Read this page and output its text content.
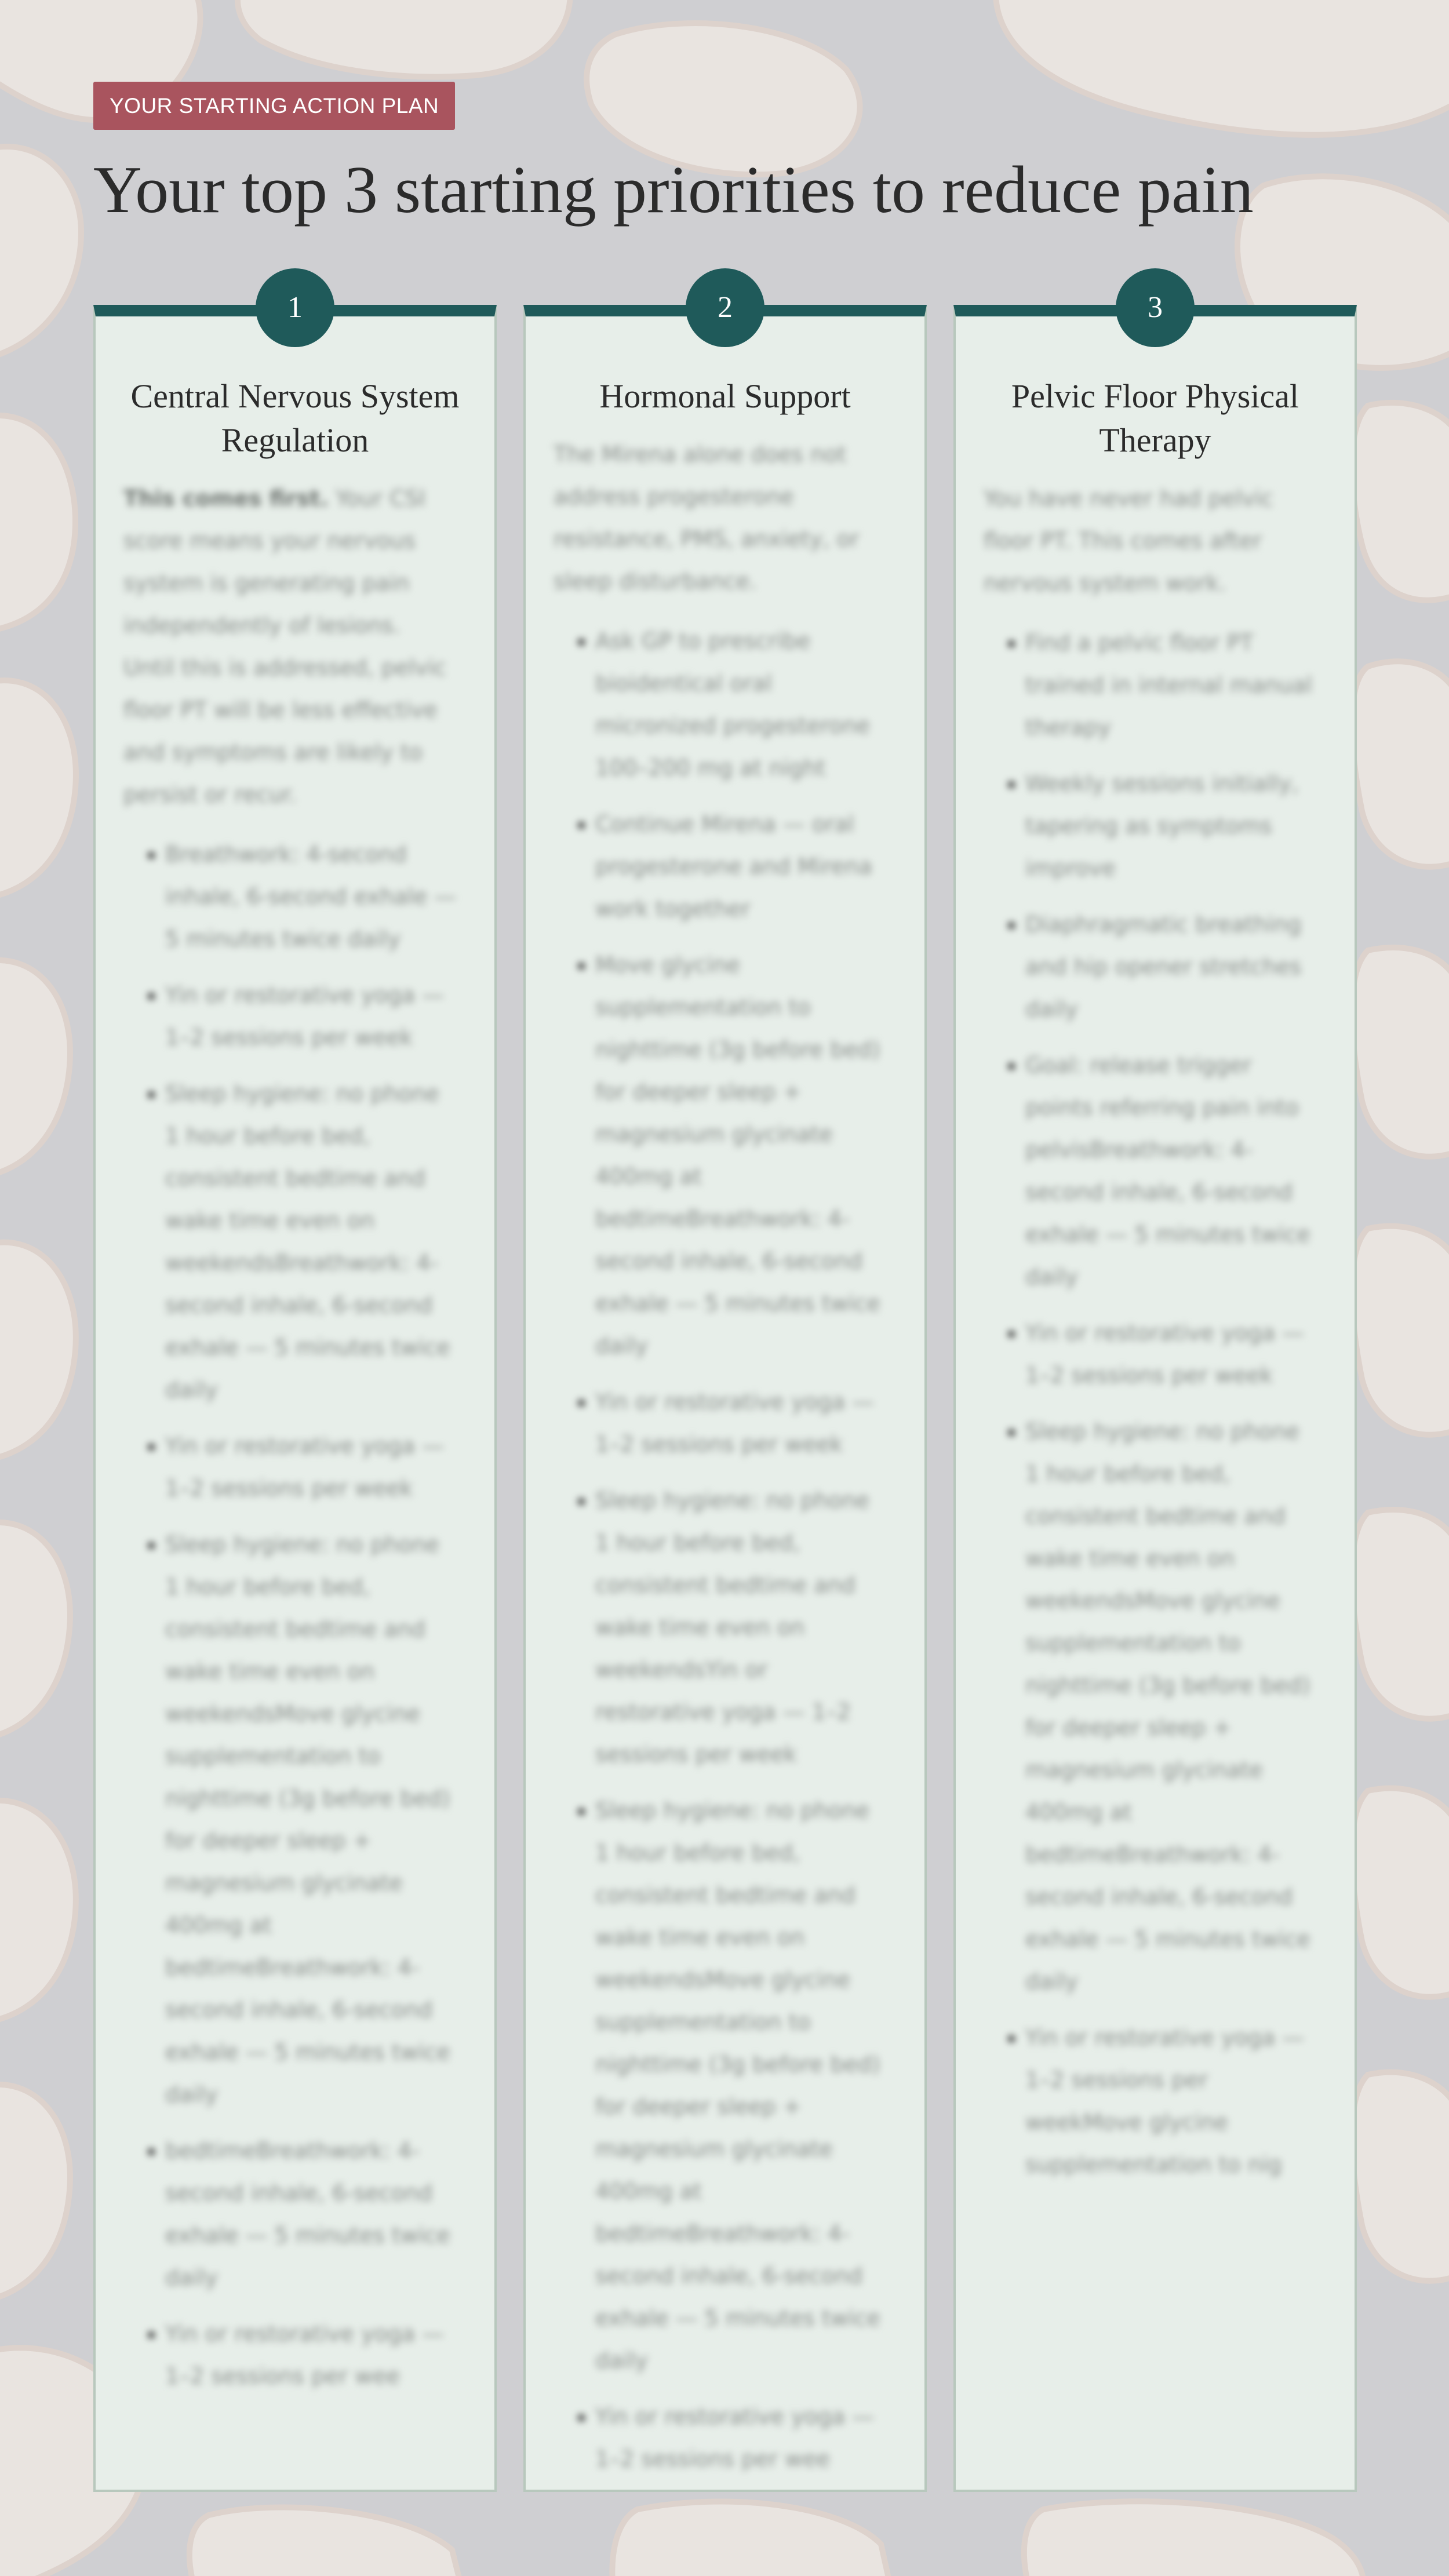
YOUR STARTING ACTION PLAN
Your top 3 starting priorities to reduce pain
1
Central Nervous System Regulation

This comes first. Your CSI score means your nervous system is generating pain independently of lesions. Until this is addressed, pelvic floor PT will be less effective and symptoms are likely to persist or recur.

• Breathwork: 4-second inhale, 6-second exhale — 5 minutes twice daily
• Yin or restorative yoga — 1–2 sessions per week
• Sleep hygiene: no phone 1 hour before bed, consistent bedtime and wake time even on weekendsBreathwork: 4-second inhale, 6-second exhale — 5 minutes twice daily
• Yin or restorative yoga — 1–2 sessions per week
• Sleep hygiene: no phone 1 hour before bed, consistent bedtime and wake time even on weekendsMove glycine supplementation to nighttime (3g before bed) for deeper sleep + magnesium glycinate 400mg at bedtimeBreathwork: 4-second inhale, 6-second exhale — 5 minutes twice daily
• bedtimeBreathwork: 4-second inhale, 6-second exhale — 5 minutes twice daily
• Yin or restorative yoga — 1–2 sessions per wee
2
Hormonal Support

The Mirena alone does not address progesterone resistance, PMS, anxiety, or sleep disturbance.

• Ask GP to prescribe bioidentical oral micronized progesterone 100–200 mg at night
• Continue Mirena — oral progesterone and Mirena work together
• Move glycine supplementation to nighttime (3g before bed) for deeper sleep + magnesium glycinate 400mg at bedtimeBreathwork: 4-second inhale, 6-second exhale — 5 minutes twice daily
• Yin or restorative yoga — 1–2 sessions per week
• Sleep hygiene: no phone 1 hour before bed, consistent bedtime and wake time even on weekendsYin or restorative yoga — 1–2 sessions per week
• Sleep hygiene: no phone 1 hour before bed, consistent bedtime and wake time even on weekendsMove glycine supplementation to nighttime (3g before bed) for deeper sleep + magnesium glycinate 400mg at bedtimeBreathwork: 4-second inhale, 6-second exhale — 5 minutes twice daily
• Yin or restorative yoga — 1–2 sessions per wee
3
Pelvic Floor Physical Therapy

You have never had pelvic floor PT. This comes after nervous system work.

• Find a pelvic floor PT trained in internal manual therapy
• Weekly sessions initially, tapering as symptoms improve
• Diaphragmatic breathing and hip opener stretches daily
• Goal: release trigger points referring pain into pelvisBreathwork: 4-second inhale, 6-second exhale — 5 minutes twice daily
• Yin or restorative yoga — 1–2 sessions per week
• Sleep hygiene: no phone 1 hour before bed, consistent bedtime and wake time even on weekendsMove glycine supplementation to nighttime (3g before bed) for deeper sleep + magnesium glycinate 400mg at bedtimeBreathwork: 4-second inhale, 6-second exhale — 5 minutes twice daily
• Yin or restorative yoga — 1–2 sessions per weekMove glycine supplementation to nig
